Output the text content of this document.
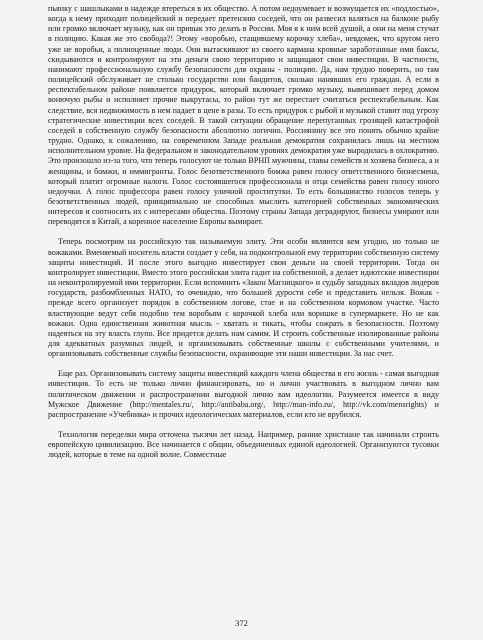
пьянку с шашлыками в надежде втереться в их общество. А потом недоумевает и возмущается их «подлостью», когда к нему приходит полицейский и передает претензию соседей, что он развесил валяться на балконе рыбу или громко включает музыку, как он привык это делать в России. Моя я к ним всей душой, а они на меня стучат в полицию. Какая же это свобода?! Этому «воробью, стащившему корочку хлеба», невдомек, что кругом него уже не воробьи, а полноценные люди. Они вытаскивают из своего кармана кровные заработанные ими баксы, скидываются и контролируют на эти деньги свою территорию и защищают свои инвестиции. В частности, нанимают профессиональную службу безопасности для охраны - полицию. Да, нам трудно поверить, но там полицейский обслуживает не столько государство или бандитов, сколько нанявших его граждан. А если в респектабельном районе появляется придурок, который включает громко музыку, вывешивает перед домом вонючую рыбы и исполняет прочие выкрутасы, то район тут же перестает считаться респектабельным. Как следствие, вся недвижимость в нем падает в цене в разы. То есть придурок с рыбой и музыкой ставит под угрозу стратегические инвестиции всех соседей. В такой ситуации обращение перепуганных грозящей катастрофой соседей в собственную службу безопасности абсолютно логично. Россиянину все это понять обычно крайне трудно. Однако, к сожалению, на современном Западе реальная демократия сохранилась лишь на местном исполнительном уровне. На федеральном и законодательном уровнях демократия уже выродилась в охлократию. Это произошло из-за того, что теперь голосуют не только ВРНП мужчины, главы семейств и хозяева бизнеса, а и женщины, и бомжи, и иммигранты. Голос безответственного бомжа равен голосу ответственного бизнесмена, который платит огромные налоги. Голос состоявшегося профессионала и отца семейства равен голосу юного недоучки. А голос профессора равен голосу уличной проститутки. То есть большинство голосов теперь у безответственных людей, принципиально не способных мыслить категорией собственных экономических интересов и соотносить их с интересами общества. Поэтому страны Запада деградируют, бизнесы умирают или переводятся в Китай, а коренное население Европы вымирает.

Теперь посмотрим на российскую так называемую элиту. Эти особи являются кем угодно, но только не вожаками. Вменяемый носитель власти создает у себя, на подконтрольной ему территории собственную систему защиты инвестиций. И после этого выгодно инвестирует свои деньги на своей территории. Тогда он контролирует инвестиции. Вместо этого российская элита гадит на собственной, а делает идиотские инвестиции на неконтролируемой ими территории. Если вспомнить «Закон Магницкого» и судьбу западных вкладов лидеров государств, разбомбленных НАТО, то очевидно, что большей дурости себе и представить нельзя. Вожак - прежде всего организует порядок в собственном логове, стае и на собственном кормовом участке. Часто властвующие ведут себя подобно тем воробьям с корочкой хлеба или воришке в супермаркете. Но не как вожаки. Одна единственная животная мысль - хватать и тикать, чтобы сожрать в безопасности. Поэтому надеяться на эту власть глупо. Все придется делать нам самим. И строить собственные изолированные районы для адекватных разумных людей, и организовывать собственные школы с собственными учителями, и организовывать собственные службы безопасности, охраняющие эти наши инвестиции. За нас счет.

Еще раз. Организовывать систему защиты инвестиций каждого члена общества в его жизнь - самая выгодная инвестиция. То есть не только лично финансировать, но и лично участвовать в выгодном лично вам политическом движении и распространении выгодной лично вам идеологии. Разумеется имеется в виду Мужское Движение (http://mentales.ru/, http://antibaba.org/, http://man-info.ru/, http://vk.com/mensrights) и распространение «Учебника» и прочих идеологических материалов, если кто не врубился.

Технология переделки мира отточена тысячи лет назад. Например, ранние христиане так начинали строить европейскую цивилизацию. Все начинается с общин, объединенных единой идеологией. Организуются тусовки людей, которые в теме на одной волне. Совместные

372
